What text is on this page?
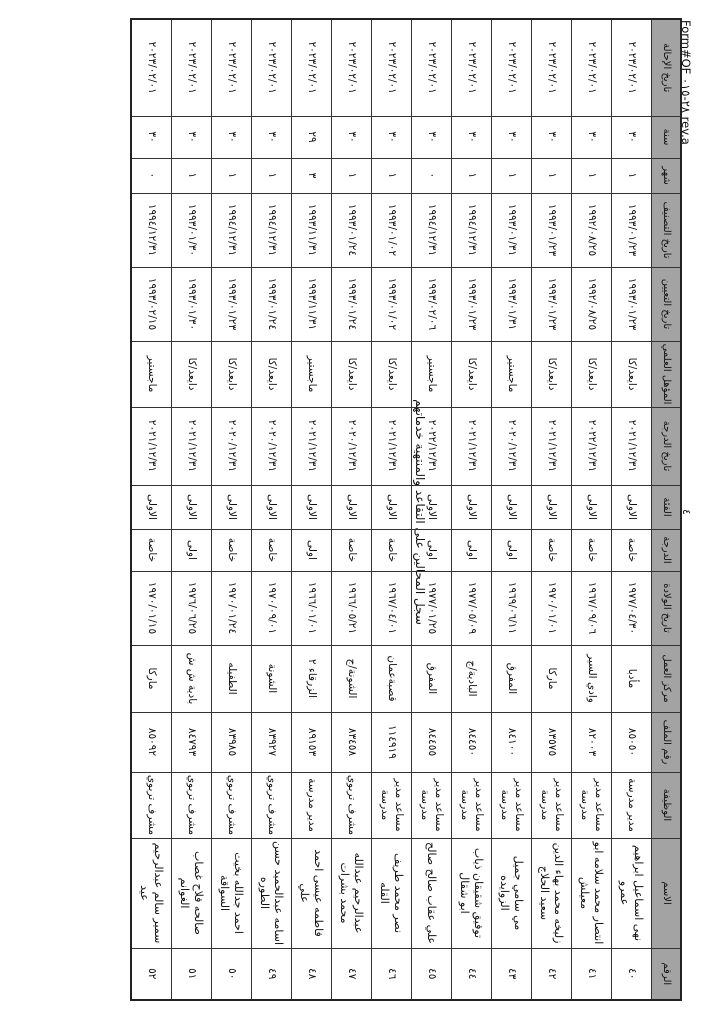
سجل المحالين على التقاعد والمنتهية خدماتهم
الرقم	الاسم	الوظيفة	رقم الملف	مركز العمل	تاريخ الولادة	الدرجة	الفئة	تاريخ الدرجة	المؤهل العلمي	تاريخ التعيين	تاريخ التصنيف	شهر	سنة	تاريخ الإحالة
٤٠	نهى اسماعيل ابراهيم عمرو	مدير مدرسة	٨٥٠٥٠	مأدبا	١٩٧٧/٠٤/٣٠	خاصة	الاولى	٢٠٢١/١٢/٣١	دايعد/كا	١٩٩٣/٠١/٢٣	١٩٩٣/٠١/٢٣	١	٣٠	٢٠٢٣/٠٢/٠١
٤١	انتصار محمد سلامه ابو معيلش	مساعد مدير مدرسة	٨٢٠٠٣	وادي السير	١٩٦٧/٠٩/٠٦	خاصة	الاولى	٢٠٢٢/١٢/٣١	دايعد/كا	١٩٩٢/٠٨/٢٥	١٩٩٢/٠٨/٢٥	١	٣٠	٢٠٢٣/٠٢/٠١
٤٢	زليخه محمد بهاء الدين سعيد الحلاج	مساعد مدير مدرسة	٨٣٥٧٥	ماركا	١٩٧٠/٠١/٠١	خاصة	الاولى	٢٠٢١/١٢/٣١	دايعد/كا	١٩٩٣/٠١/٢٣	١٩٩٣/٠١/٢٣	١	٣٠	٢٠٢٣/٠٢/٠١
٤٣	مي سامي جميل الزوايده	مساعد مدير مدرسة	٨٤١٠٠	المفرق	١٩٦٩/٠٦/١١	اولى	الاولى	٢٠٢٠/١٢/٣١	ماجستير	١٩٩٣/٠١/٣١	١٩٩٣/٠١/٣١	١	٣٠	٢٠٢٣/٠٢/٠١
٤٤	توفيق شقيقان ذياب ابو شقال	مساعد مدير مدرسة	٨٤٤٥٠	البادية/ج	١٩٧٧/٠٥/٠٩	اولى	الاولى	٢٠٢١/١٢/٣١	دايعد/كا	١٩٩٣/٠١/٢٣	١٩٩٤/١٢/٣١	١	٣٠	٢٠٢٣/٠٢/٠١
٤٥	علي عقاب صالح صالح	مساعد مدير مدرسة	٨٤٤٥٥	المفرق	١٩٧٧/٠١/٢٥	اولى	الاولى	٢٠٢٢/١٢/٣١	ماجستير	١٩٩٣/٠٢/٠٦	١٩٩٤/١٢/٣١	٠	٣٠	٢٠٢٣/٠٢/٠١
٤٦	نصر محمد طريف القله	مساعد مدير مدرسة	١١٤٩١٩	قصبةعمان	١٩٦٧/٠٤/٠١	خاصة	الاولى	٢٠٢١/١٢/٣١	دايعد/كا	١٩٩٣/٠١/٠٢	١٩٩٣/٠١/٠٢	١	٣٠	٢٠٢٣/٠٢/٠١
٤٧	عبدالرحيم عبدالله محمد بشرات	مشرف تربوي	٨٣٤٥٨	الشونة/ج	١٩٦٦/٠٥/٢١	خاصة	الاولى	٢٠٢٠/١٢/٣١	دايعد/كا	١٩٩٣/٠١/٢٤	١٩٩٣/٠١/٢٤	١	٣٠	٢٠٢٣/٠٢/٠١
٤٨	فاطمه عيسى احمد علي	مدير مدرسة	٨٩١٥٣	الزرقاء ٢	١٩٦٦/٠١/٠١	اولى	الاولى	٢٠٢١/١٢/٣١	ماجستير	١٩٩٣/١١/٣١	١٩٩٣/١١/٣١	٣	٢٩	٢٠٢٣/٠٢/٠١
٤٩	اسامه عبدالحميد حسن الطوره	مشرف تربوي	٨٣٩٢٧	الشونة	١٩٧٠/٠٩/٠١	خاصة	الاولى	٢٠٢٠/١٢/٣١	دايعد/كا	١٩٩٣/٠١/٢٤	١٩٩٤/١٢/٣١	١	٣٠	٢٠٢٣/٠٢/٠١
٥٠	احمد جدالله بخيت السواقة	مشرف تربوي	٨٣٩٨٥	الطفيله	١٩٧٠/٠١/٢٤	خاصة	الاولى	٢٠٢٠/١٢/٣١	دايعد/كا	١٩٩٣/٠١/٢٣	١٩٩٤/١٢/٣١	١	٣٠	٢٠٢٣/٠٢/٠١
٥١	صالحه فلاح غصاب الغوانم	مشرف تربوي	٨٤٧٩٣	بادية ش ش	١٩٧٦/٠٦/٢٥	اولى	الاولى	٢٠٢١/١٢/٣١	دايعد/كا	١٩٩٣/٠١/٣٠	١٩٩٣/٠١/٣٠	١	٣٠	٢٠٢٣/٠٢/٠١
٥٢	سمير سالم عبدالرحيم عيد	مشرف تربوي	٨٥٠٩٢	ماركا	١٩٧٠/٠١/١٥	خاصة	الاولى	٢٠٢١/١٢/٣١	ماجستير	١٩٩٣/٠٢/١٥	١٩٩٤/١٢/٣١	٠	٣٠	٢٠٢٣/٠٢/٠١
٤
Form#QF ٢٨-٠١٥ rev.a
